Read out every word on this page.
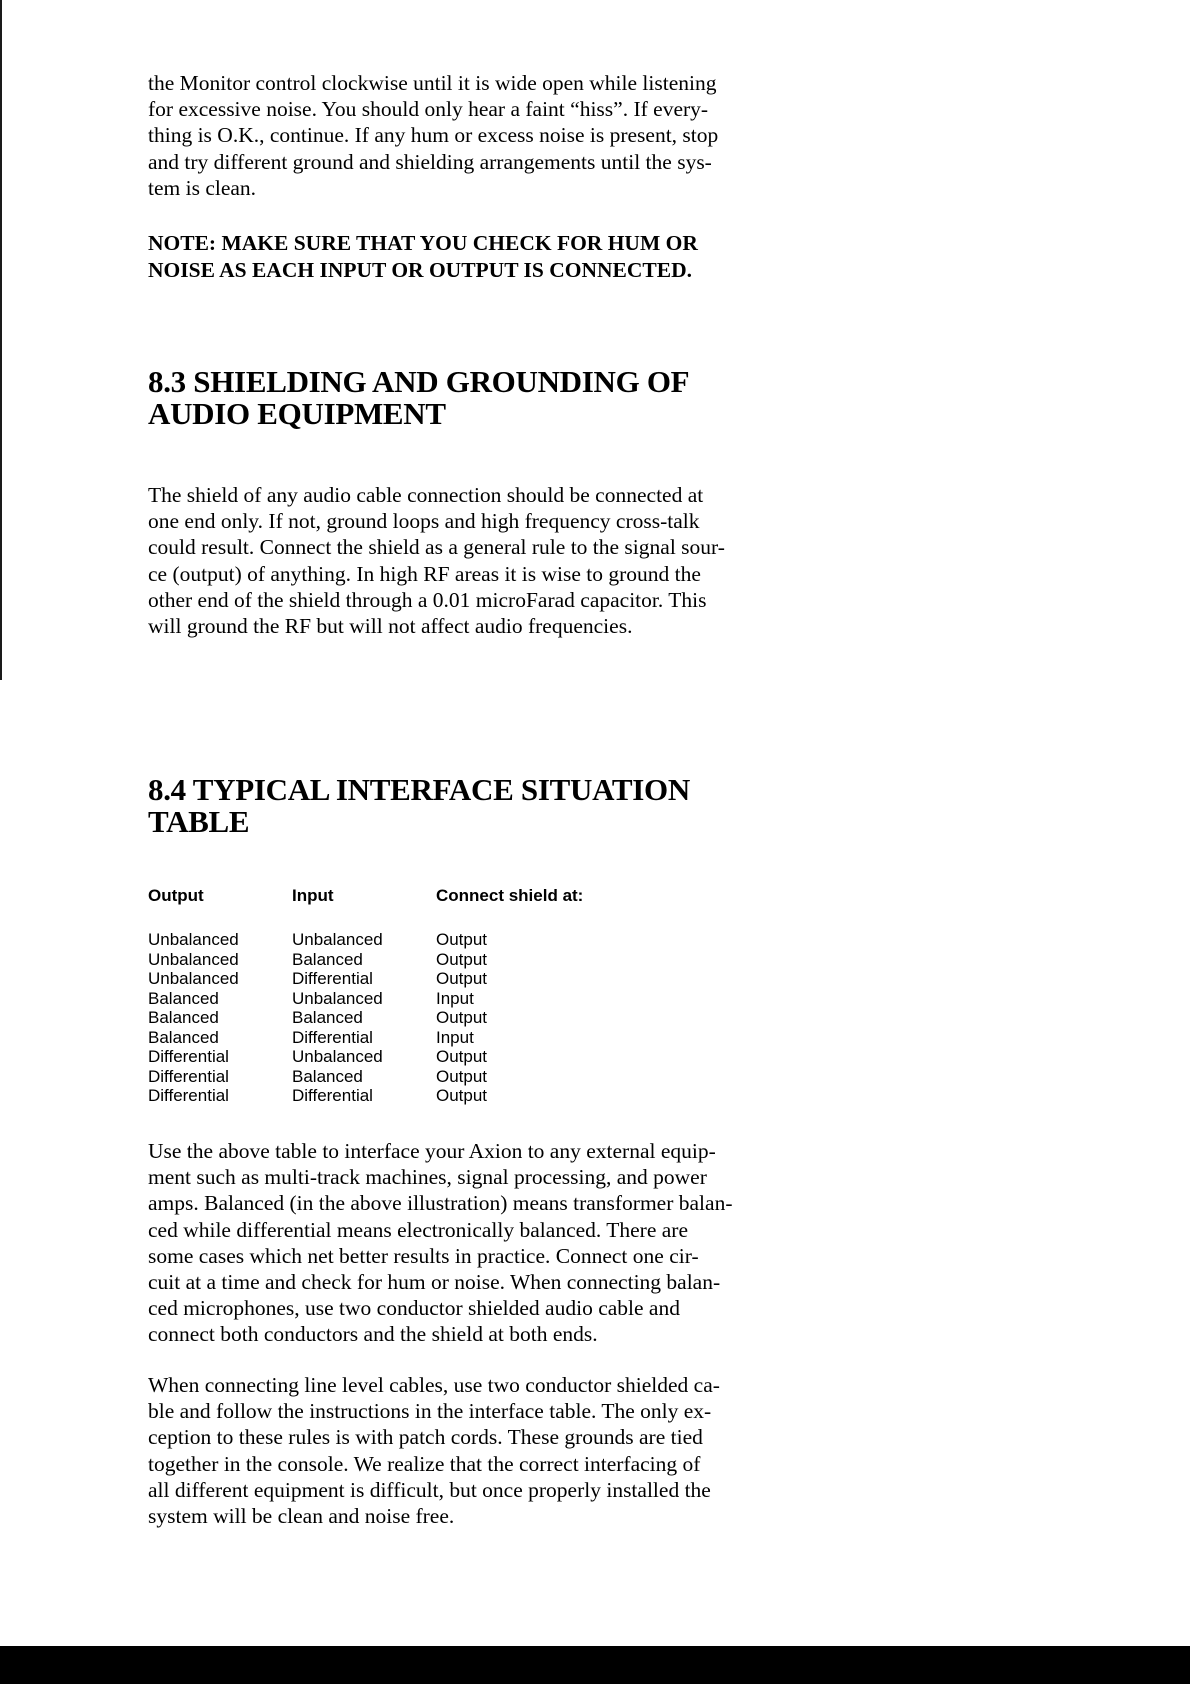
the Monitor control clockwise until it is wide open while listening
for excessive noise. You should only hear a faint “hiss”. If every-
thing is O.K., continue. If any hum or excess noise is present, stop
and try different ground and shielding arrangements until the sys-
tem is clean.

NOTE: MAKE SURE THAT YOU CHECK FOR HUM OR
NOISE AS EACH INPUT OR OUTPUT IS CONNECTED.

8.3 SHIELDING AND GROUNDING OF
AUDIO EQUIPMENT

The shield of any audio cable connection should be connected at
one end only. If not, ground loops and high frequency cross-talk
could result. Connect the shield as a general rule to the signal sour-
ce (output) of anything. In high RF areas it is wise to ground the
other end of the shield through a 0.01 microFarad capacitor. This
will ground the RF but will not affect audio frequencies.

8.4 TYPICAL INTERFACE SITUATION
TABLE
Output	Input	Connect shield at:
Unbalanced	Unbalanced	Output
Unbalanced	Balanced	Output
Unbalanced	Differential	Output
Balanced	Unbalanced	Input
Balanced	Balanced	Output
Balanced	Differential	Input
Differential	Unbalanced	Output
Differential	Balanced	Output
Differential	Differential	Output

Use the above table to interface your Axion to any external equip-
ment such as multi-track machines, signal processing, and power
amps. Balanced (in the above illustration) means transformer balan-
ced while differential means electronically balanced. There are
some cases which net better results in practice. Connect one cir-
cuit at a time and check for hum or noise. When connecting balan-
ced microphones, use two conductor shielded audio cable and
connect both conductors and the shield at both ends.

When connecting line level cables, use two conductor shielded ca-
ble and follow the instructions in the interface table. The only ex-
ception to these rules is with patch cords. These grounds are tied
together in the console. We realize that the correct interfacing of
all different equipment is difficult, but once properly installed the
system will be clean and noise free.
